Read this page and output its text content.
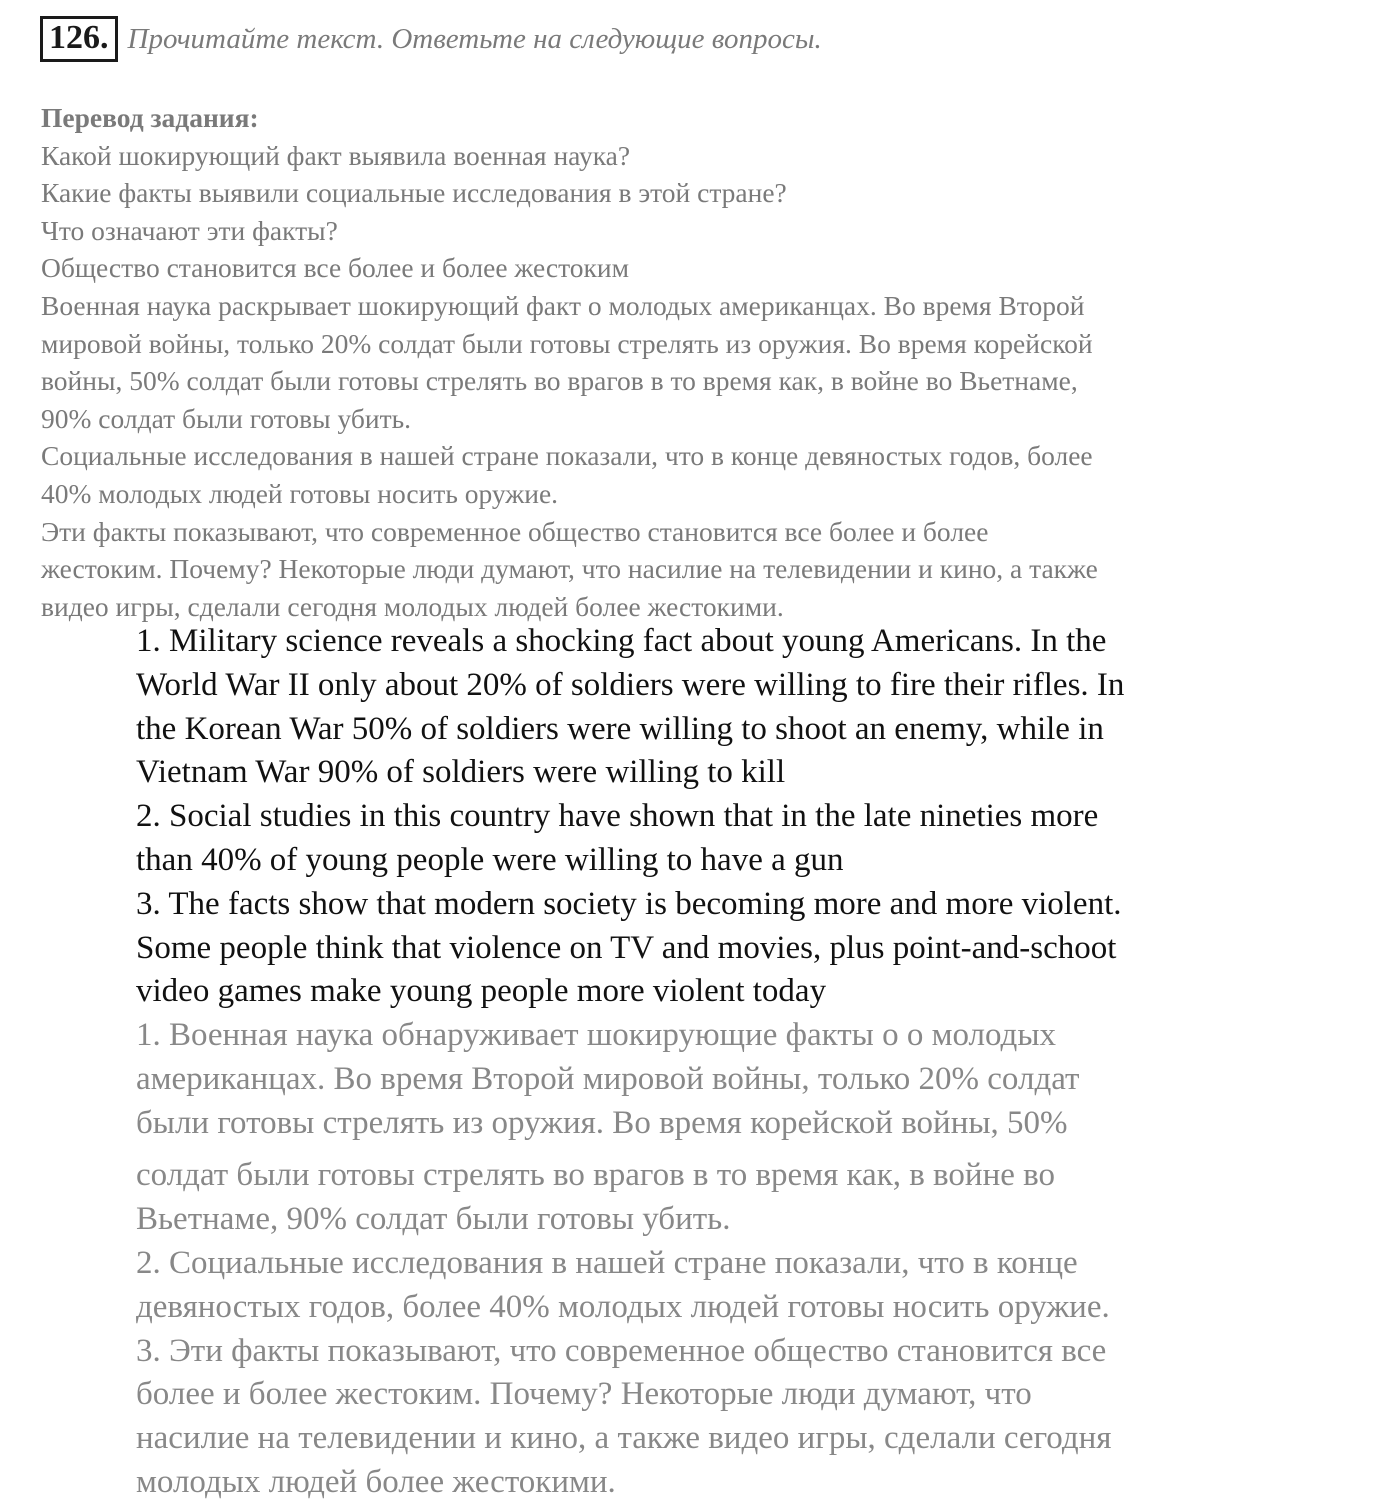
126. Прочитайте текст. Ответьте на следующие вопросы.
Перевод задания:
Какой шокирующий факт выявила военная наука?
Какие факты выявили социальные исследования в этой стране?
Что означают эти факты?
Общество становится все более и более жестоким
Военная наука раскрывает шокирующий факт о молодых американцах. Во время Второй
мировой войны, только 20% солдат были готовы стрелять из оружия. Во время корейской
войны, 50% солдат были готовы стрелять во врагов в то время как, в войне во Вьетнаме,
90% солдат были готовы убить.
Социальные исследования в нашей стране показали, что в конце девяностых годов, более
40% молодых людей готовы носить оружие.
Эти факты показывают, что современное общество становится все более и более
жестоким. Почему? Некоторые люди думают, что насилие на телевидении и кино, а также
видео игры, сделали сегодня молодых людей более жестокими.
1. Military science reveals a shocking fact about young Americans. In the
World War II only about 20% of soldiers were willing to fire their rifles. In
the Korean War 50% of soldiers were willing to shoot an enemy, while in
Vietnam War 90% of soldiers were willing to kill
2. Social studies in this country have shown that in the late nineties more
than 40% of young people were willing to have a gun
3. The facts show that modern society is becoming more and more violent.
Some people think that violence on TV and movies, plus point-and-schoot
video games make young people more violent today
1. Военная наука обнаруживает шокирующие факты о о молодых
американцах. Во время Второй мировой войны, только 20% солдат
были готовы стрелять из оружия. Во время корейской войны, 50%
солдат были готовы стрелять во врагов в то время как, в войне во
Вьетнаме, 90% солдат были готовы убить.
2. Социальные исследования в нашей стране показали, что в конце
девяностых годов, более 40% молодых людей готовы носить оружие.
3. Эти факты показывают, что современное общество становится все
более и более жестоким. Почему? Некоторые люди думают, что
насилие на телевидении и кино, а также видео игры, сделали сегодня
молодых людей более жестокими.
